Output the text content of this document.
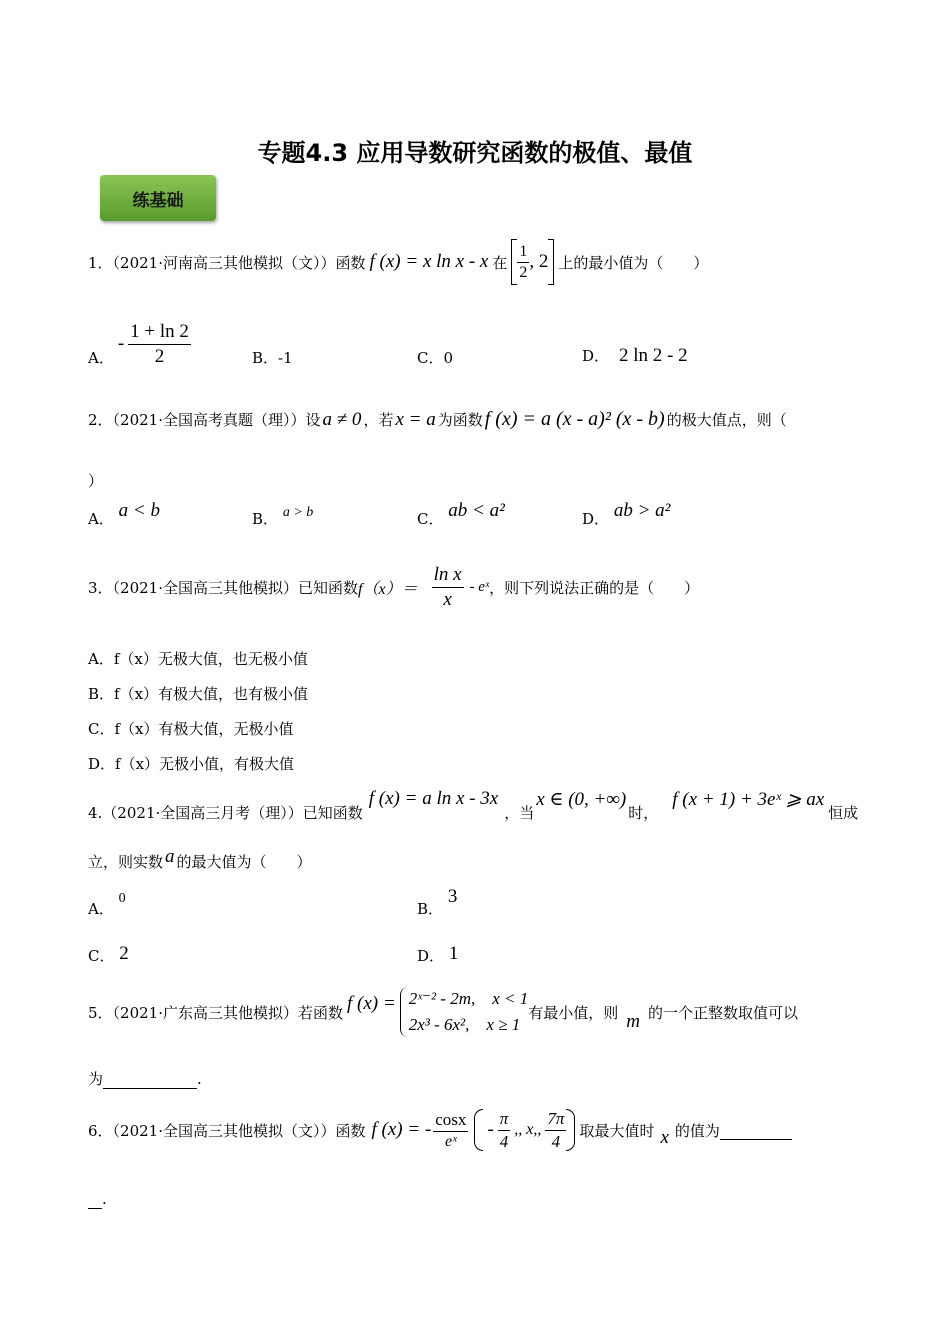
专题4.3 应用导数研究函数的极值、最值
练基础
1．（2021·河南高三其他模拟（文））函数 f (x) = x ln x - x 在 $\frac{1}{2}$ , 2 上的最小值为（　　）
A．
- $\frac{1 + \ln 2}{2}$	B．-1	C．0	D． 2 ln 2 - 2
2．（2021·全国高考真题（理））设 a ≠ 0 ，若 x = a 为函数 f (x) = a (x - a)² (x - b) 的极大值点，则（
）
A． a < b	B． a > b	C． ab < a²	D． ab > a²
3．（2021·全国高三其他模拟）已知函数 $f(x)= \frac{\text{ln x}}{x}$ - eˣ ，则下列说法正确的是（　　）
A．f（x）无极大值，也无极小值
B．f（x）有极大值，也有极小值
C．f（x）有极大值，无极小值
D．f（x）无极小值，有极大值
4.（2021·全国高三月考（理））已知函数
f (x) = a ln x - 3x
，当
x ∈ (0, +∞)
时，
f (x + 1) + 3eˣ ⩾ ax
恒成
立，则实数 a 的最大值为（　　）
A． 0
B． 3
C． 2	D． 1
5．（2021·广东高三其他模拟）若函数 f (x) = 2ˣ⁻² - 2m,　x < 1
2x³ - 6x²,　x ≥ 1
有最小值，则 m 的一个正整数取值可以
为	.
6．（2021·全国高三其他模拟（文））函数 f (x) = - $\frac{\cos x}{\text{eˣ}} - \frac{\pi}{4}$ ,, x,, $\frac{7\pi}{4}$ 取最大值时 x 的值为

.
